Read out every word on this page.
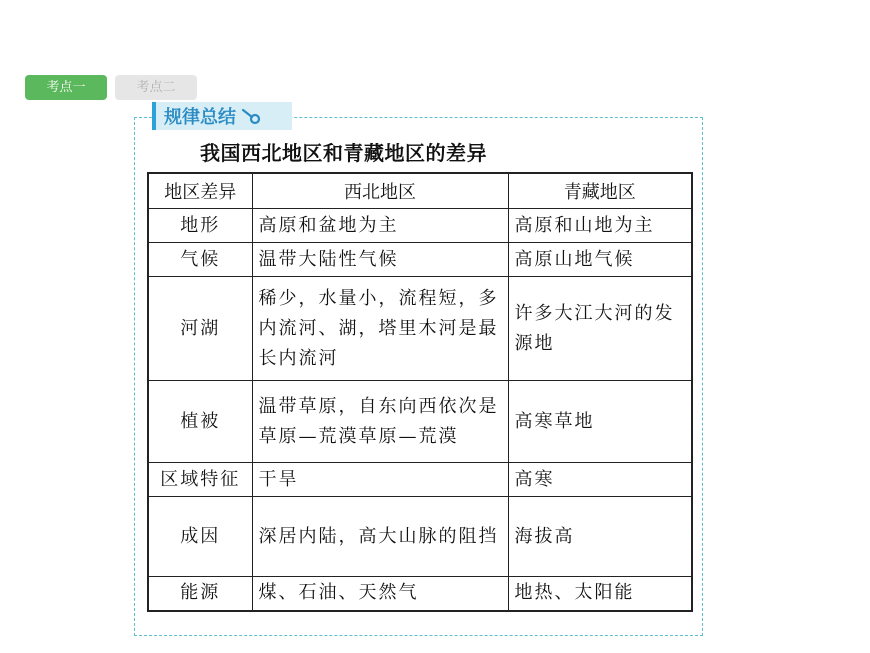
考点一	考点二
规律总结
我国西北地区和青藏地区的差异
地区差异	西北地区	青藏地区
地形	高原和盆地为主	高原和山地为主
气候	温带大陆性气候	高原山地气候
河湖	稀少，水量小，流程短，多内流河、湖，塔里木河是最长内流河	许多大江大河的发源地
植被	温带草原，自东向西依次是草原—荒漠草原—荒漠	高寒草地
区域特征	干旱	高寒
成因	深居内陆，高大山脉的阻挡	海拔高
能源	煤、石油、天然气	地热、太阳能
